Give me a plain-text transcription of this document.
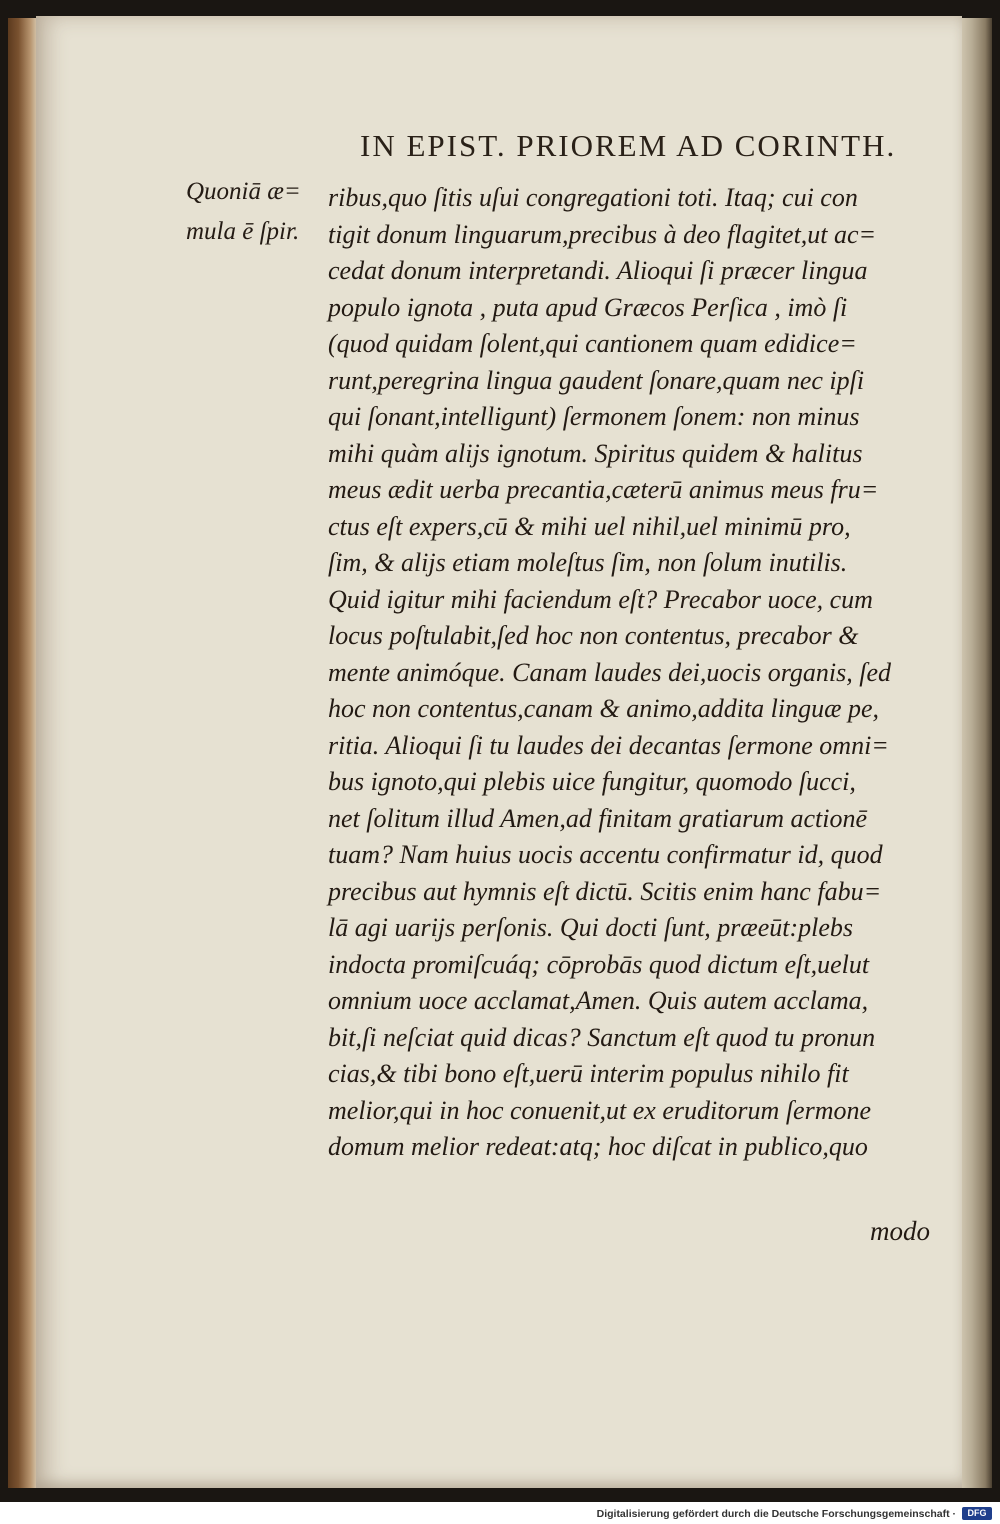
IN EPIST. PRIOREM AD CORINTH.
Quoniā æ=
mula ē ſpir.
ribus,quo ſitis uſui congregationi toti. Itaq; cui con
tigit donum linguarum,precibus à deo flagitet,ut ac=
cedat donum interpretandi. Alioqui ſi præcer lingua
populo ignota , puta apud Græcos Perſica , imò ſi
(quod quidam ſolent,qui cantionem quam edidice=
runt,peregrina lingua gaudent ſonare,quam nec ipſi
qui ſonant,intelligunt) ſermonem ſonem: non minus
mihi quàm alijs ignotum. Spiritus quidem & halitus
meus ædit uerba precantia,cæterū animus meus fru=
ctus eſt expers,cū & mihi uel nihil,uel minimū pro,
ſim, & alijs etiam moleſtus ſim, non ſolum inutilis.
Quid igitur mihi faciendum eſt? Precabor uoce, cum
locus poſtulabit,ſed hoc non contentus, precabor &
mente animóque. Canam laudes dei,uocis organis, ſed
hoc non contentus,canam & animo,addita linguæ pe,
ritia. Alioqui ſi tu laudes dei decantas ſermone omni=
bus ignoto,qui plebis uice fungitur, quomodo ſucci,
net ſolitum illud Amen,ad finitam gratiarum actionē
tuam? Nam huius uocis accentu confirmatur id, quod
precibus aut hymnis eſt dictū. Scitis enim hanc fabu=
lā agi uarijs perſonis. Qui docti ſunt, præeūt:plebs
indocta promiſcuáq; cōprobās quod dictum eſt,uelut
omnium uoce acclamat,Amen. Quis autem acclama,
bit,ſi neſciat quid dicas? Sanctum eſt quod tu pronun
cias,& tibi bono eſt,uerū interim populus nihilo fit
melior,qui in hoc conuenit,ut ex eruditorum ſermone
domum melior redeat:atq; hoc diſcat in publico,quo
modo
Digitalisierung gefördert durch die Deutsche Forschungsgemeinschaft ·	DFG
